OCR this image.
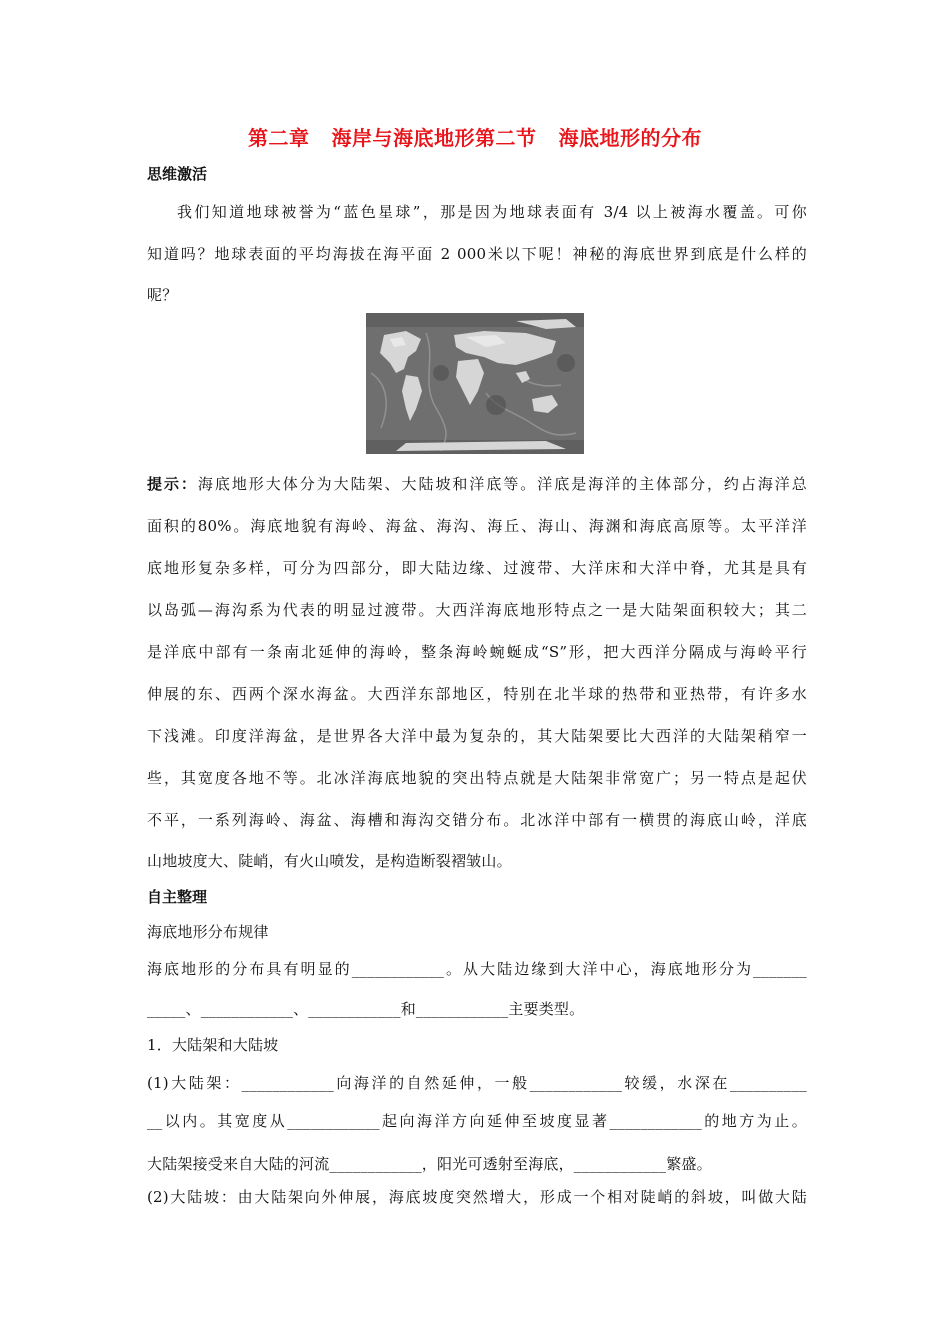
第二章 海岸与海底地形第二节 海底地形的分布
思维激活
我们知道地球被誉为“蓝色星球”，那是因为地球表面有 3/4 以上被海水覆盖。可你
知道吗？地球表面的平均海拔在海平面 2 000米以下呢！神秘的海底世界到底是什么样的
呢？
提示：海底地形大体分为大陆架、大陆坡和洋底等。洋底是海洋的主体部分，约占海洋总
面积的80%。海底地貌有海岭、海盆、海沟、海丘、海山、海渊和海底高原等。太平洋洋
底地形复杂多样，可分为四部分，即大陆边缘、过渡带、大洋床和大洋中脊，尤其是具有
以岛弧—海沟系为代表的明显过渡带。大西洋海底地形特点之一是大陆架面积较大；其二
是洋底中部有一条南北延伸的海岭，整条海岭蜿蜒成“S”形，把大西洋分隔成与海岭平行
伸展的东、西两个深水海盆。大西洋东部地区，特别在北半球的热带和亚热带，有许多水
下浅滩。印度洋海盆，是世界各大洋中最为复杂的，其大陆架要比大西洋的大陆架稍窄一
些，其宽度各地不等。北冰洋海底地貌的突出特点就是大陆架非常宽广；另一特点是起伏
不平，一系列海岭、海盆、海槽和海沟交错分布。北冰洋中部有一横贯的海底山岭，洋底
山地坡度大、陡峭，有火山喷发，是构造断裂褶皱山。
自主整理
海底地形分布规律
海底地形的分布具有明显的____________。从大陆边缘到大洋中心，海底地形分为_______
_____、____________、____________和____________主要类型。
1．大陆架和大陆坡
(1)大陆架：____________向海洋的自然延伸，一般____________较缓，水深在__________
__以内。其宽度从____________起向海洋方向延伸至坡度显著____________的地方为止。
大陆架接受来自大陆的河流____________，阳光可透射至海底，____________繁盛。
(2)大陆坡：由大陆架向外伸展，海底坡度突然增大，形成一个相对陡峭的斜坡，叫做大陆
